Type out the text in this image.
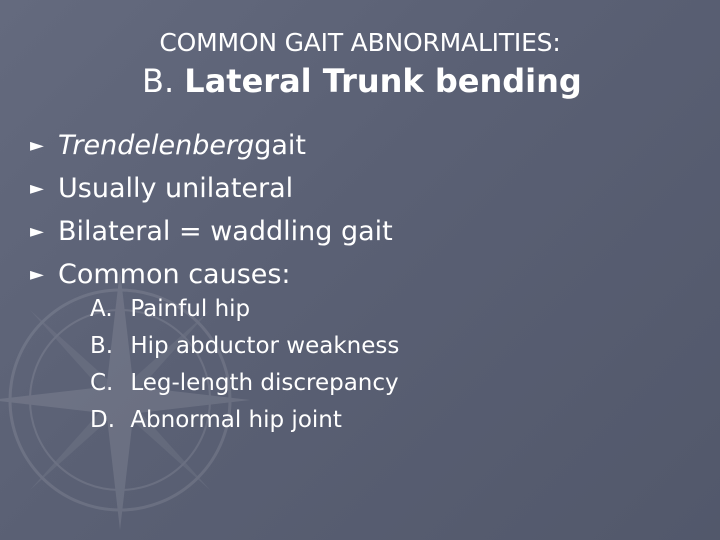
COMMON GAIT ABNORMALITIES:
B. Lateral Trunk bending
► Trendelenberg gait
► Usually unilateral
► Bilateral = waddling gait
► Common causes:
A. Painful hip
B. Hip abductor weakness
C. Leg-length discrepancy
D. Abnormal hip joint
